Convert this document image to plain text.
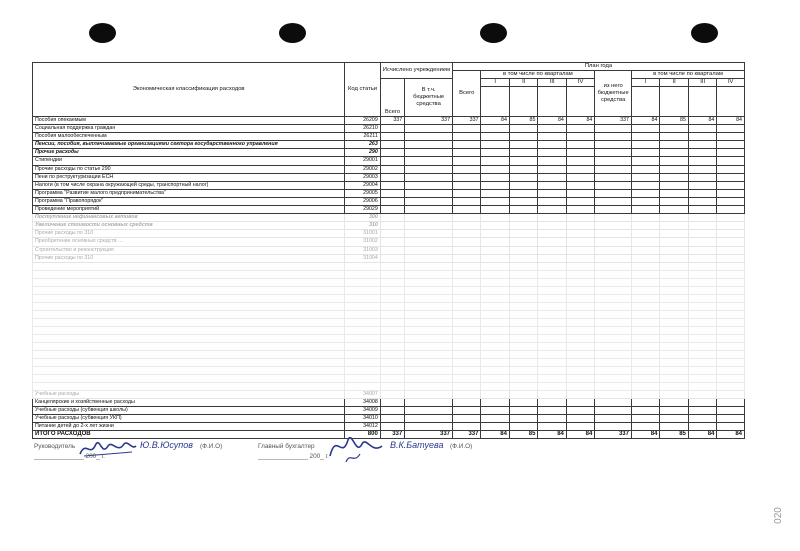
Экономическая классификация расходов	Код статьи	Исчислено учреждением		План года									
				Всего	в том числе по кварталам				из него бюджетные средства	в том числе по кварталам			
		Всего	В т.ч. бюджетные средства		I	II	III	IV		I	II	III	IV

Пособия опекаемым	26209	337	337	337	84	85	84	84	337	84	85	84	84
Социальная поддержка граждан	26210												
Пособия малообеспеченным	26211												
Пенсии, пособия, выплачиваемые организациями сектора государственного управления	263												
Прочие расходы	290												
Стипендии	29001												
Прочие расходы по статье 290	29002												
Пени по реструктуризации ЕСН	29003												
Налоги (в том числе охрана окружающей среды, транспортный налог)	29004												
Программа "Развитие малого предпринимательства"	29005												
Программа "Правопорядок"	29006												
Проведение мероприятий	29029												
Поступление нефинансовых активов	300												
Увеличение стоимости основных средств	310												
Прочие расходы по 310	31001												
Приобретение основных средств ...	31002												
Строительство и реконструкция	31003												
Прочие расходы по 310	31004												

Учебные расходы	34007												
Канцелярские и хозяйственные расходы	34008												
Учебные расходы (субвенция школы)	34009												
Учебные расходы (субвенция УКП)	34010												
Питание детей до 2-х лет жизни	34012												
ИТОГО РАСХОДОВ	800	337	337	337	84	85	84	84	337	84	85	84	84
Руководитель	Ю.В.Юсупов (Ф.И.О)
______________ 200_ г.
Главный бухгалтер	В.К.Батуева (Ф.И.О)
______________ 200_ г.
020
